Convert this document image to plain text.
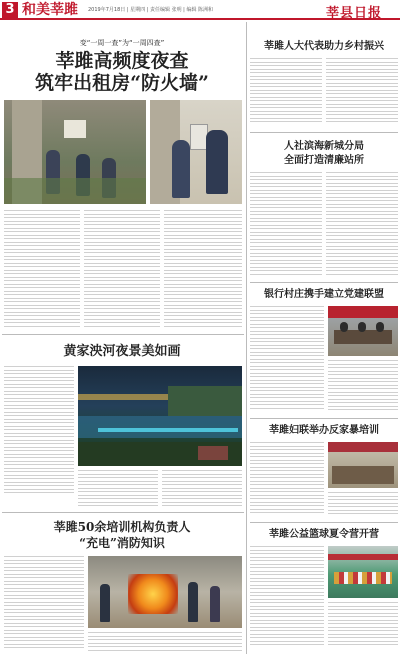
3 和美莘雎 2019年7月18日 | 星期四 | 责任编辑 张明 | 编辑 陈洲和	莘县日报
变“一周一查”为“一周四查”
莘雎高频度夜查
筑牢出租房“防火墙”
黄家泱河夜景美如画
莘雎50余培训机构负责人
“充电”消防知识
莘雎人大代表助力乡村振兴
人社滨海新城分局
全面打造清廉站所
银行村庄携手建立党建联盟
莘雎妇联举办反家暴培训
莘雎公益篮球夏令营开营
